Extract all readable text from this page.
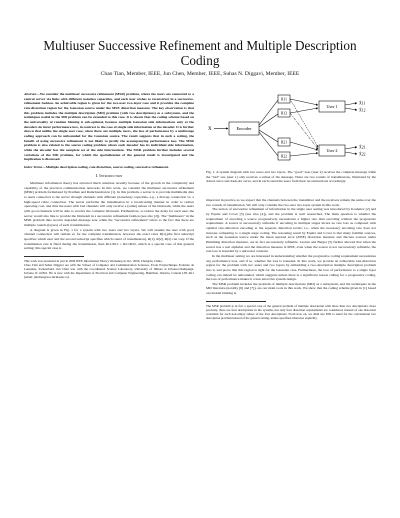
Multiuser Successive Refinement and Multiple Description
Coding
Chao Tian, Member, IEEE, Jun Chen, Member, IEEE, Suhas N. Diggavi, Member, IEEE

Abstract—We consider the multiuser successive refinement (MSR) problem, where the users are connected to a central server via links with different noiseless capacities, and each user wishes to reconstruct in a successive-refinement fashion. An achievable region is given for the two-user two-layer case and it provides the complete rate-distortion region for the Gaussian source under the MSE distortion measure. The key observation is that this problem includes the multiple description (MD) problem (with two descriptions) as a subsystem, and the techniques useful in the MD problem can be extended to this case. It is shown that the coding scheme based on the universality of random binning is sub-optimal, because multiple Gaussian side informations only at the decoders do incur performance loss, in contrast to the case of single side information at the decoder. It is further shown that unlike the single user case, when there are multiple users, the loss of performance by a multistage coding approach can be unbounded for the Gaussian source. The result suggests that in such a setting, the benefit of using successive refinement is not likely to justify the accompanying performance loss. The MSR problem is also related to the source coding problem where each decoder has its individual side information, while the encoder has the complete set of the side informations. The MSR problem further includes several variations of the MD problem, for which the specialization of the general result is investigated and the implication is discussed.

Index Terms—Multiple description coding, rate distortion, source coding, successive refinement.

I. Introduction

Multiuser information theory has attracted much attention recently because of the growth in the complexity and capability of the practical communication networks. In this work, we consider the multiuser successive refinement (MSR) problem formulated by Pradhan and Ramchandran in [1]. In this problem, a server is to provide multimedia data to users connected to the server through channels with different (noiseless) capacities, e.g., a dial-up connection vs. a high-speed cable connection. The server performs the transmission in a broadcasting manner in order to reduce operating cost, and thus the users with bad channels will only receive a (some) subset of the bitstream, while the users with good channels will be able to receive the complete bitstream. Furthermore, to reduce the delay for each user, the server would also like to provide the bitstream in a successive refinement fashion (see also [2]). The "multiusers" in the MSR problem thus receive degraded message sets, while the "successive refinement" refers to the fact that there are multiple rounds (layers) of such transmissions.

A diagram is given in Fig. 1 for a system with two users and two layers. We will assume the user with good channel connection will remain so for the complete transmission, however the exact rates R(1),(the first subscript specifies which user and the second subscript specifies which round of transmission), R(1), R(2), R(2) can vary. If the transmission rate is fixed during the transmission, then R11/R12 = R21/R22, which is a special case of this general setting; this special case is

This work was presented in part in 2006 IEEE Information Theory Workshop in Oct. 2006, Chengdu, China.
Chao Tian and Suhas Diggavi are with the School of Computer and Communication Sciences, Ecole Polytechnique Federale de Lausanne, Switzerland. Jun Chen was with the Coordinated Science Laboratory, University of Illinois at Urbana-Champaign, Urbana, IL 61801. He is now with the Department of Electrical and Computer Engineering, Hamilton, Ontario, Canada L8S 4K1 (email: junchen@ece.mcmaster.ca).
X	Encoder
R11
R12
R21
R22
User 1
User 2
X̂11
X̂12
X̂21
X̂22
Fig. 1. A system diagram with two users and two layers. The "good" user (user 2) receives the complete message while the "bad" one (user 1) only receives a subset of the message. There are two rounds of transmissions, illustrated by the dotted curve and dash-dot curve, and in each round the users form their reconstructions accordingly.

important in practice as we expect that the channels between the transmitter and the receivers remain the same over the two rounds of transmission. We will only consider the two-user two-layer system in this work.

The notion of successive refinement of information in the single user setting was introduced by Koshelev [2] and by Equitz and Cover [3] (see also [4]), and the problem is well researched. The main question is whether the requirement of encoding a source progressively necessitates a higher rate than encoding without the progressive requirement. A source is successively refinable if encoding in multiple stages incurs no rate loss as compared with optimal rate-distortion encoding at the separate distortion levels; i.e., when the necessary encoding rate does not increase comparing to a single stage coding. The reasoning result by Equitz and Cover is that many familiar sources, such as the Gaussian source under the mean squared error (MSE) distortion measure and discrete sources under Hamming distortion measure, are in fact successively refinable. Lastras and Berger [5] further showed that when the source has a real alphabet and the distortion measure is MSE, even when the source is not successively refinable, the rate loss is bounded by a universal constant.

In the multiuser setting we are interested in understanding whether the progressive coding requirement necessitates any performance loss, and if so, whether the loss is bounded. In this work, we provide an achievable rate-distortion region for the problem with two users and two layers by embedding a two-description multiple description problem into it, and prove that this region is tight for the Gaussian case. Furthermore, the loss of performance to a single layer coding can indeed be unbounded, which suggests unless there is a significant reason calling for a progressive coding, the loss of performance makes it a less attractive system design.

The MSR problem includes the problem of multiple descriptions (MD) as a subsystem, and the techniques in the MD literature (notably [6] and [7]), are our main tools in this work. We show that the coding scheme given in [1] based on random binning is

The MSR problem is in fact a special case of the general problem of multiple description with more than two descriptions; more precisely, there are four descriptions in the systems, but only four distortion requirements are considered, instead of one distortion constraint for each non-empty subset of the four descriptions. From now on, we shall use MD to stand for the conventional two description problem instead of the general setting, unless specified otherwise explicitly.
